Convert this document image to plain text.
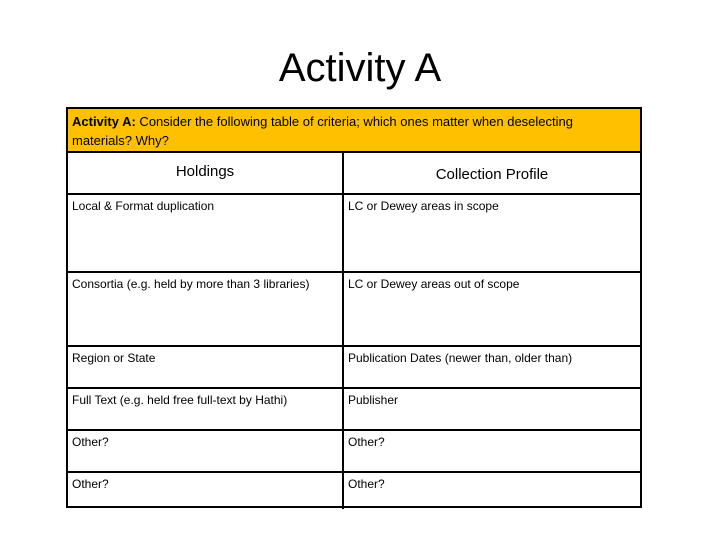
Activity A
Activity A: Consider the following table of criteria; which ones matter when deselecting materials? Why?
Holdings	Collection Profile
Local & Format duplication	LC or Dewey areas in scope
Consortia (e.g. held by more than 3 libraries)	LC or Dewey areas out of scope
Region or State	Publication Dates (newer than, older than)
Full Text (e.g. held free full-text by Hathi)	Publisher
Other?	Other?
Other?	Other?
